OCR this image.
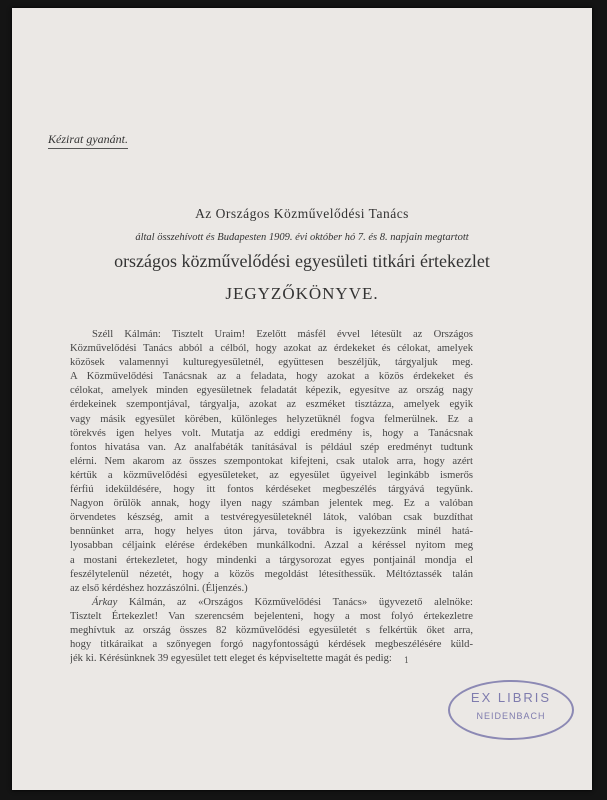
Kézirat gyanánt.
Az Országos Közművelődési Tanács
által összehívott és Budapesten 1909. évi október hó 7. és 8. napjain megtartott
országos közművelődési egyesületi titkári értekezlet
JEGYZŐKÖNYVE.
Széll Kálmán: Tisztelt Uraim! Ezelőtt másfél évvel létesült az Országos
Közművelődési Tanács abból a célból, hogy azokat az érdekeket és célokat, amelyek
közösek valamennyi kulturegyesületnél, együttesen beszéljük, tárgyaljuk meg.
A Közművelődési Tanácsnak az a feladata, hogy azokat a közös érdekeket és
célokat, amelyek minden egyesületnek feladatát képezik, egyesítve az ország nagy
érdekeinek szempontjával, tárgyalja, azokat az eszméket tisztázza, amelyek egyik
vagy másik egyesület körében, különleges helyzetüknél fogva felmerülnek. Ez a
törekvés igen helyes volt. Mutatja az eddigi eredmény is, hogy a Tanácsnak
fontos hivatása van. Az analfabéták tanításával is például szép eredményt tudtunk
elérni. Nem akarom az összes szempontokat kifejteni, csak utalok arra, hogy azért
kértük a közművelődési egyesületeket, az egyesület ügyeivel leginkább ismerős
férfiú ideküldésére, hogy itt fontos kérdéseket megbeszélés tárgyává tegyünk.
Nagyon örülök annak, hogy ilyen nagy számban jelentek meg. Ez a valóban
örvendetes készség, amit a testvéregyesületeknél látok, valóban csak buzdíthat
bennünket arra, hogy helyes úton járva, továbbra is igyekezzünk minél hatá-
lyosabban céljaink elérése érdekében munkálkodni. Azzal a kéréssel nyitom meg
a mostani értekezletet, hogy mindenki a tárgysorozat egyes pontjainál mondja el
feszélytelenül nézetét, hogy a közös megoldást létesíthessük. Méltóztassék talán
az első kérdéshez hozzászólni. (Éljenzés.)
Árkay Kálmán, az «Országos Közművelődési Tanács» ügyvezető alelnöke:
Tisztelt Értekezlet! Van szerencsém bejelenteni, hogy a most folyó értekezletre
meghívtuk az ország összes 82 közművelődési egyesületét s felkértük őket arra,
hogy titkáraikat a szőnyegen forgó nagyfontosságú kérdések megbeszélésére küld-
jék ki. Kérésünknek 39 egyesület tett eleget és képviseltette magát és pedig:	1
EX LIBRIS
NEIDENBACH
